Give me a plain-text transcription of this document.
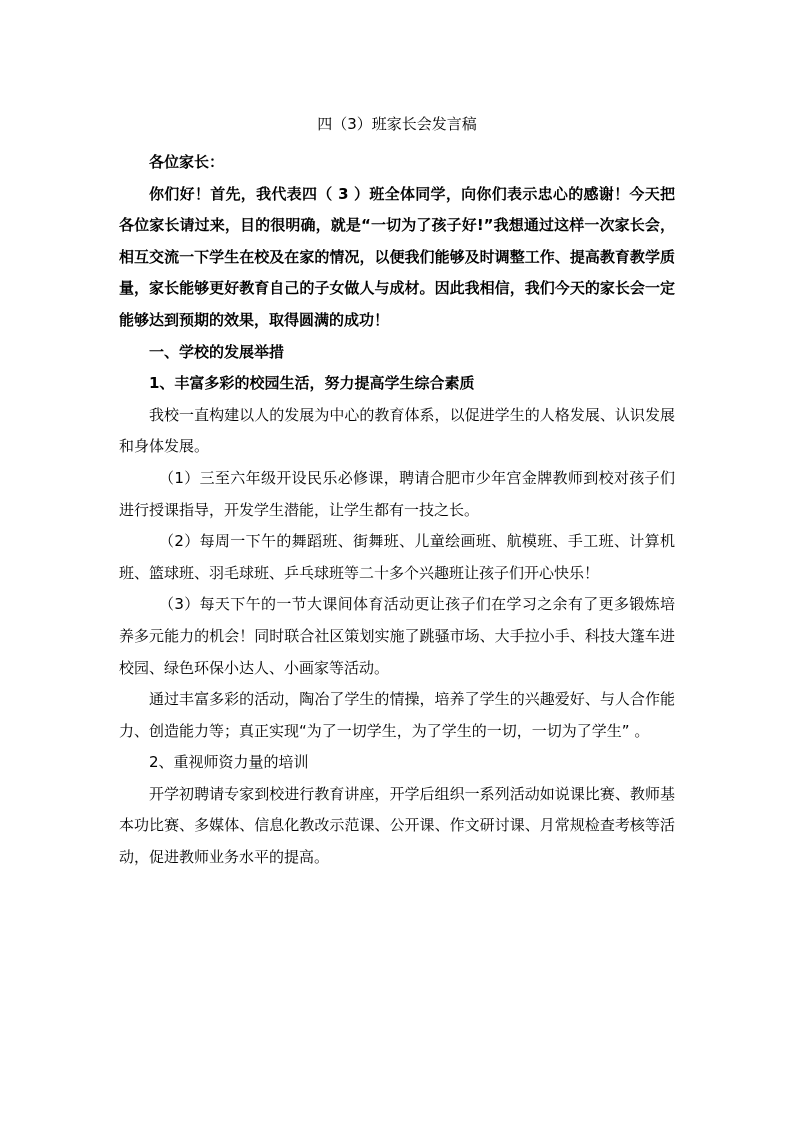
四（3）班家长会发言稿

各位家长：

你们好！首先，我代表四（ 3 ）班全体同学，向你们表示忠心的感谢！今天把各位家长请过来，目的很明确，就是“一切为了孩子好!”我想通过这样一次家长会，相互交流一下学生在校及在家的情况，以便我们能够及时调整工作、提高教育教学质量，家长能够更好教育自己的子女做人与成材。因此我相信，我们今天的家长会一定能够达到预期的效果，取得圆满的成功！

一、学校的发展举措

1、丰富多彩的校园生活，努力提高学生综合素质

我校一直构建以人的发展为中心的教育体系，以促进学生的人格发展、认识发展和身体发展。

（1）三至六年级开设民乐必修课，聘请合肥市少年宫金牌教师到校对孩子们进行授课指导，开发学生潜能，让学生都有一技之长。

（2）每周一下午的舞蹈班、街舞班、儿童绘画班、航模班、手工班、计算机班、篮球班、羽毛球班、乒乓球班等二十多个兴趣班让孩子们开心快乐！

（3）每天下午的一节大课间体育活动更让孩子们在学习之余有了更多锻炼培养多元能力的机会！同时联合社区策划实施了跳骚市场、大手拉小手、科技大篷车进校园、绿色环保小达人、小画家等活动。

通过丰富多彩的活动，陶冶了学生的情操，培养了学生的兴趣爱好、与人合作能力、创造能力等；真正实现“为了一切学生，为了学生的一切，一切为了学生” 。

2、重视师资力量的培训

开学初聘请专家到校进行教育讲座，开学后组织一系列活动如说课比赛、教师基本功比赛、多媒体、信息化教改示范课、公开课、作文研讨课、月常规检查考核等活动，促进教师业务水平的提高。
